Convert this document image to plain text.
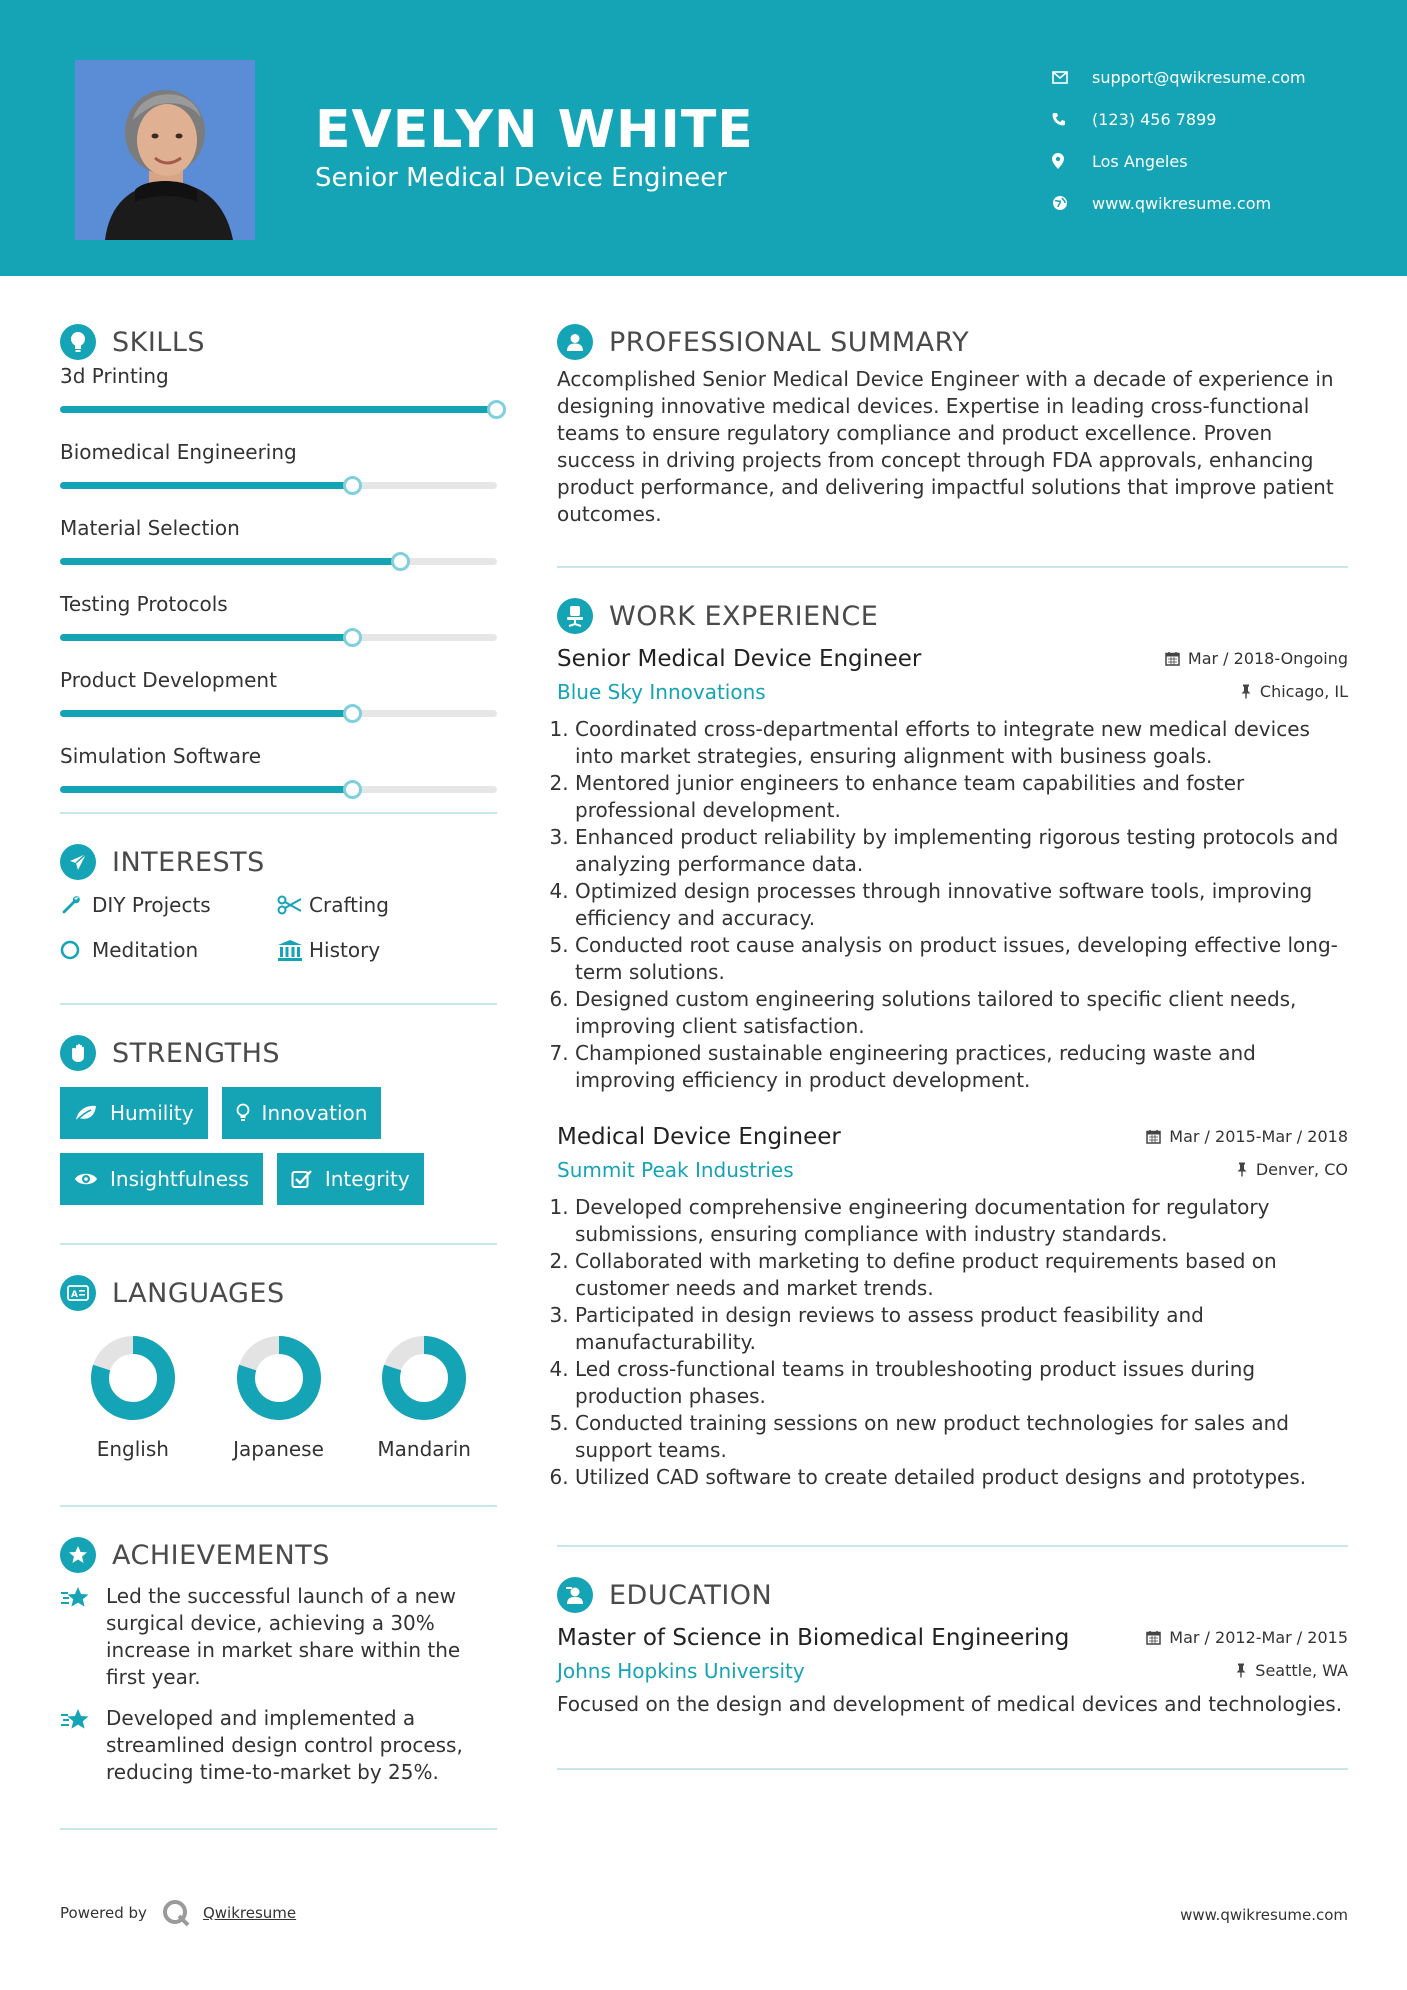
EVELYN WHITE
Senior Medical Device Engineer
support@qwikresume.com
(123) 456 7899
Los Angeles
www.qwikresume.com
SKILLS
3d Printing
Biomedical Engineering
Material Selection
Testing Protocols
Product Development
Simulation Software
INTERESTS
DIY Projects	Crafting
Meditation	History
STRENGTHS
Humility	Innovation
Insightfulness	Integrity
A LANGUAGES
English	Japanese	Mandarin
ACHIEVEMENTS
Led the successful launch of a new surgical device, achieving a 30% increase in market share within the first year.
Developed and implemented a streamlined design control process, reducing time-to-market by 25%.
Powered by	Qwikresume	www.qwikresume.com
PROFESSIONAL SUMMARY

Accomplished Senior Medical Device Engineer with a decade of experience in designing innovative medical devices. Expertise in leading cross-functional teams to ensure regulatory compliance and product excellence. Proven success in driving projects from concept through FDA approvals, enhancing product performance, and delivering impactful solutions that improve patient outcomes.

WORK EXPERIENCE
Senior Medical Device Engineer	Mar / 2018-Ongoing
Blue Sky Innovations	Chicago, IL
1. Coordinated cross-departmental efforts to integrate new medical devices into market strategies, ensuring alignment with business goals.
2. Mentored junior engineers to enhance team capabilities and foster professional development.
3. Enhanced product reliability by implementing rigorous testing protocols and analyzing performance data.
4. Optimized design processes through innovative software tools, improving efficiency and accuracy.
5. Conducted root cause analysis on product issues, developing effective long-term solutions.
6. Designed custom engineering solutions tailored to specific client needs, improving client satisfaction.
7. Championed sustainable engineering practices, reducing waste and improving efficiency in product development.
Medical Device Engineer	Mar / 2015-Mar / 2018
Summit Peak Industries	Denver, CO
1. Developed comprehensive engineering documentation for regulatory submissions, ensuring compliance with industry standards.
2. Collaborated with marketing to define product requirements based on customer needs and market trends.
3. Participated in design reviews to assess product feasibility and manufacturability.
4. Led cross-functional teams in troubleshooting product issues during production phases.
5. Conducted training sessions on new product technologies for sales and support teams.
6. Utilized CAD software to create detailed product designs and prototypes.
EDUCATION
Master of Science in Biomedical Engineering	Mar / 2012-Mar / 2015
Johns Hopkins University	Seattle, WA

Focused on the design and development of medical devices and technologies.
